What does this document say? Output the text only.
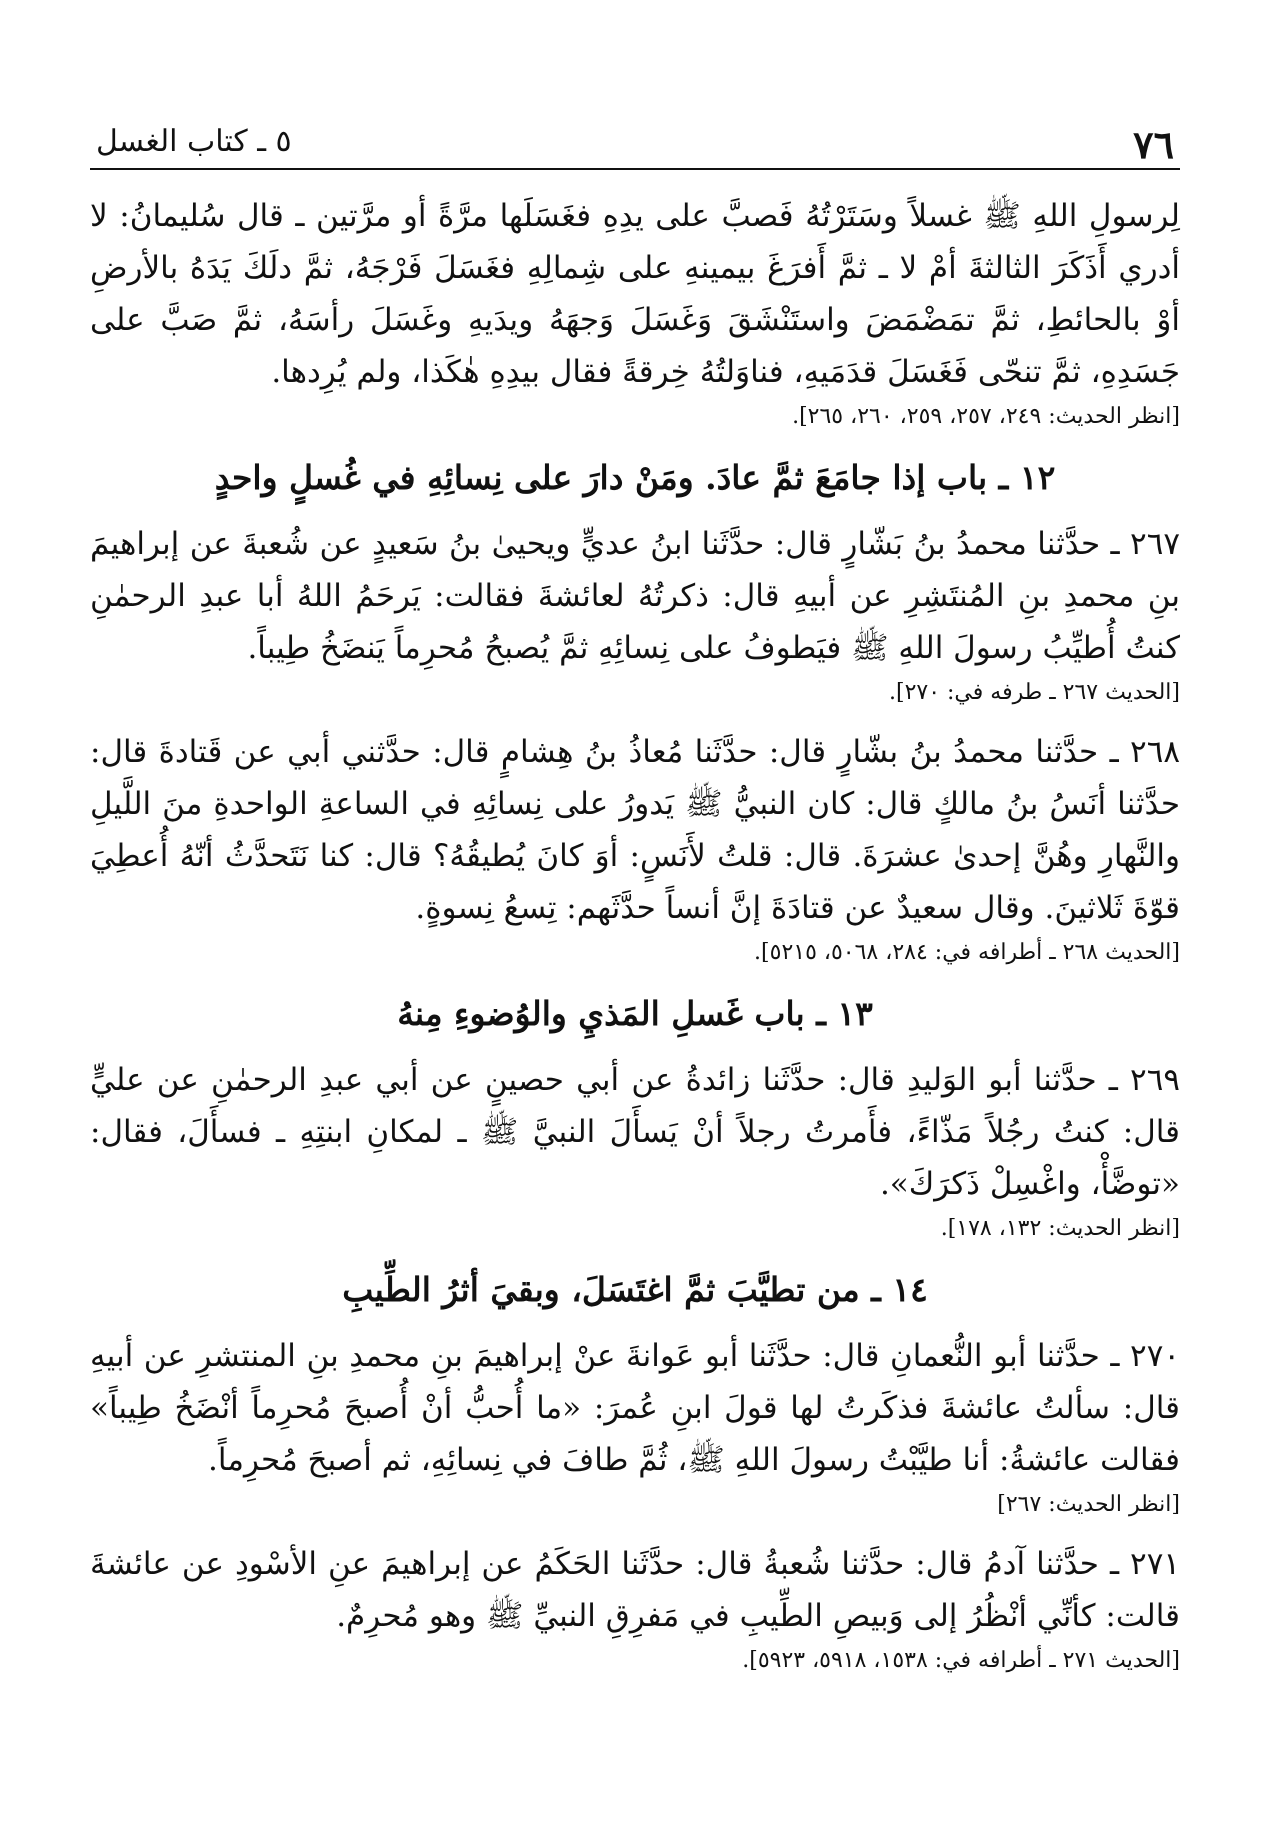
٧٦
٥ ـ كتاب الغسل

لِرسولِ اللهِ ﷺ غسلاً وسَتَرْتُهُ فَصبَّ على يدِهِ فغَسَلَها مرَّةً أو مرَّتين ـ قال سُليمانُ: لا أدري أَذَكَرَ الثالثةَ أمْ لا ـ ثمَّ أَفرَغَ بيمينهِ على شِمالِهِ فغَسَلَ فَرْجَهُ، ثمَّ دلَكَ يَدَهُ بالأرضِ أوْ بالحائطِ، ثمَّ تمَضْمَضَ واستَنْشَقَ وَغَسَلَ وَجهَهُ ويدَيهِ وغَسَلَ رأسَهُ، ثمَّ صَبَّ على جَسَدِهِ، ثمَّ تنحّى فَغَسَلَ قدَمَيهِ، فناوَلتُهُ خِرقةً فقال بيدِهِ هٰكَذا، ولم يُرِدها.

[انظر الحديث: ٢٤٩، ٢٥٧، ٢٥٩، ٢٦٠، ٢٦٥].

١٢ ـ باب إذا جامَعَ ثمَّ عادَ. ومَنْ دارَ على نِسائِهِ في غُسلٍ واحدٍ

٢٦٧ ـ حدَّثنا محمدُ بنُ بَشّارٍ قال: حدَّثَنا ابنُ عديٍّ ويحيىٰ بنُ سَعيدٍ عن شُعبةَ عن إبراهيمَ بنِ محمدِ بنِ المُنتَشِرِ عن أبيهِ قال: ذكرتُهُ لعائشةَ فقالت: يَرحَمُ اللهُ أبا عبدِ الرحمٰنِ كنتُ أُطيِّبُ رسولَ اللهِ ﷺ فيَطوفُ على نِسائِهِ ثمَّ يُصبحُ مُحرِماً يَنضَخُ طِيباً.

[الحديث ٢٦٧ ـ طرفه في: ٢٧٠].

٢٦٨ ـ حدَّثنا محمدُ بنُ بشّارٍ قال: حدَّثَنا مُعاذُ بنُ هِشامٍ قال: حدَّثني أبي عن قَتادةَ قال: حدَّثنا أنَسُ بنُ مالكٍ قال: كان النبيُّ ﷺ يَدورُ على نِسائِهِ في الساعةِ الواحدةِ منَ اللَّيلِ والنَّهارِ وهُنَّ إحدىٰ عشرَةَ. قال: قلتُ لأَنَسٍ: أوَ كانَ يُطيقُهُ؟ قال: كنا نَتَحدَّثُ أنّهُ أُعطِيَ قوّةَ ثَلاثينَ. وقال سعيدٌ عن قتادَةَ إنَّ أنساً حدَّثَهم: تِسعُ نِسوةٍ.

[الحديث ٢٦٨ ـ أطرافه في: ٢٨٤، ٥٠٦٨، ٥٢١٥].

١٣ ـ باب غَسلِ المَذيِ والوُضوءِ مِنهُ

٢٦٩ ـ حدَّثنا أبو الوَليدِ قال: حدَّثَنا زائدةُ عن أبي حصينٍ عن أبي عبدِ الرحمٰنِ عن عليٍّ قال: كنتُ رجُلاً مَذّاءً، فأَمرتُ رجلاً أنْ يَسأَلَ النبيَّ ﷺ ـ لمكانِ ابنتِهِ ـ فسأَلَ، فقال: «توضَّأْ، واغْسِلْ ذَكرَكَ».

[انظر الحديث: ١٣٢، ١٧٨].

١٤ ـ من تطيَّبَ ثمَّ اغتَسَلَ، وبقيَ أثرُ الطِّيبِ

٢٧٠ ـ حدَّثنا أبو النُّعمانِ قال: حدَّثَنا أبو عَوانةَ عنْ إبراهيمَ بنِ محمدِ بنِ المنتشرِ عن أبيهِ قال: سألتُ عائشةَ فذكَرتُ لها قولَ ابنِ عُمرَ: «ما أُحبُّ أنْ أُصبحَ مُحرِماً أنْضَخُ طِيباً» فقالت عائشةُ: أنا طيَّبْتُ رسولَ اللهِ ﷺ، ثُمَّ طافَ في نِسائِهِ، ثم أصبحَ مُحرِماً.

[انظر الحديث: ٢٦٧]

٢٧١ ـ حدَّثنا آدمُ قال: حدَّثنا شُعبةُ قال: حدَّثَنا الحَكَمُ عن إبراهيمَ عنِ الأسْودِ عن عائشةَ قالت: كأنِّي أنْظُرُ إلى وَبيصِ الطِّيبِ في مَفرِقِ النبيِّ ﷺ وهو مُحرِمٌ.

[الحديث ٢٧١ ـ أطرافه في: ١٥٣٨، ٥٩١٨، ٥٩٢٣].
